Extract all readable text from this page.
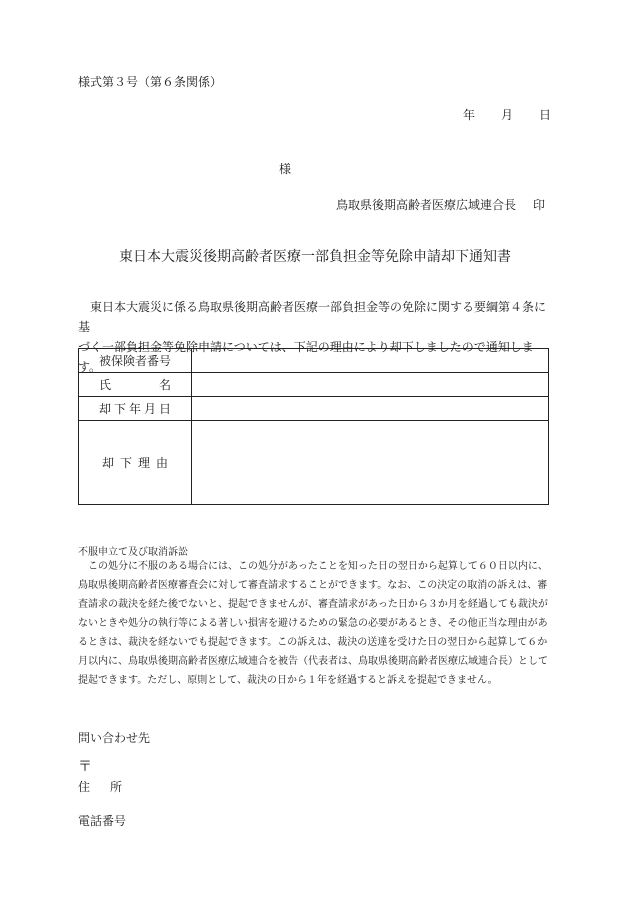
様式第３号（第６条関係）
年 月 日
様
鳥取県後期高齢者医療広域連合長 印
東日本大震災後期高齢者医療一部負担金等免除申請却下通知書

東日本大震災に係る鳥取県後期高齢者医療一部負担金等の免除に関する要綱第４条に基

づく一部負担金等免除申請については、下記の理由により却下しましたので通知します。

被保険者番号	
氏名	
却下年月日	
却下理由	
不服申立て及び取消訴訟

この処分に不服のある場合には、この処分があったことを知った日の翌日から起算して６０日以内に、

鳥取県後期高齢者医療審査会に対して審査請求することができます。なお、この決定の取消の訴えは、審

査請求の裁決を経た後でないと、提起できませんが、審査請求があった日から３か月を経過しても裁決が

ないときや処分の執行等による著しい損害を避けるための緊急の必要があるとき、その他正当な理由があ

るときは、裁決を経ないでも提起できます。この訴えは、裁決の送達を受けた日の翌日から起算して６か

月以内に、鳥取県後期高齢者医療広域連合を被告（代表者は、鳥取県後期高齢者医療広域連合長）として

提起できます。ただし、原則として、裁決の日から１年を経過すると訴えを提起できません。

問い合わせ先
〒
住 所
電話番号
